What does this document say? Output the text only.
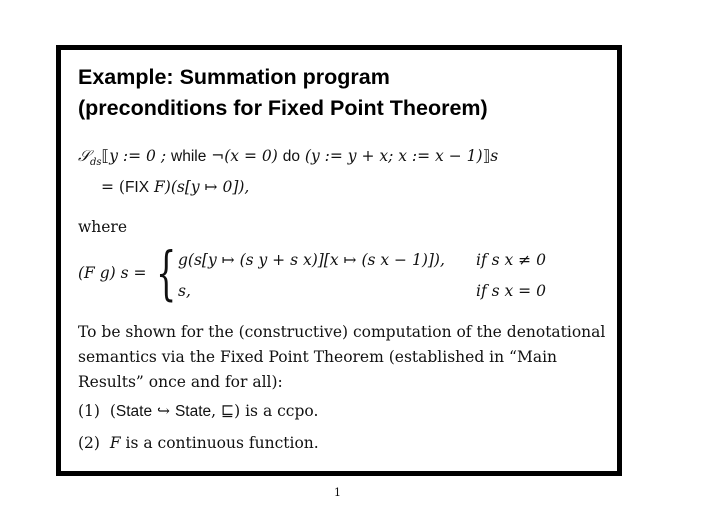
Example: Summation program
(preconditions for Fixed Point Theorem)
𝒮$_{ds}$⟦y := 0 ; while ¬(x = 0) do (y := y + x; x := x − 1)⟧s
= (FIX F)(s[y ↦ 0]),
where
(F g) s = { g(s[y ↦ (s y + s x)][x ↦ (s x − 1)]), if s x ≠ 0
s,	if s x = 0

To be shown for the (constructive) computation of the denotational semantics via the Fixed Point Theorem (established in “Main Results” once and for all):

(1) (State ↪ State, ⊑) is a ccpo.
(2) F is a continuous function.
1
